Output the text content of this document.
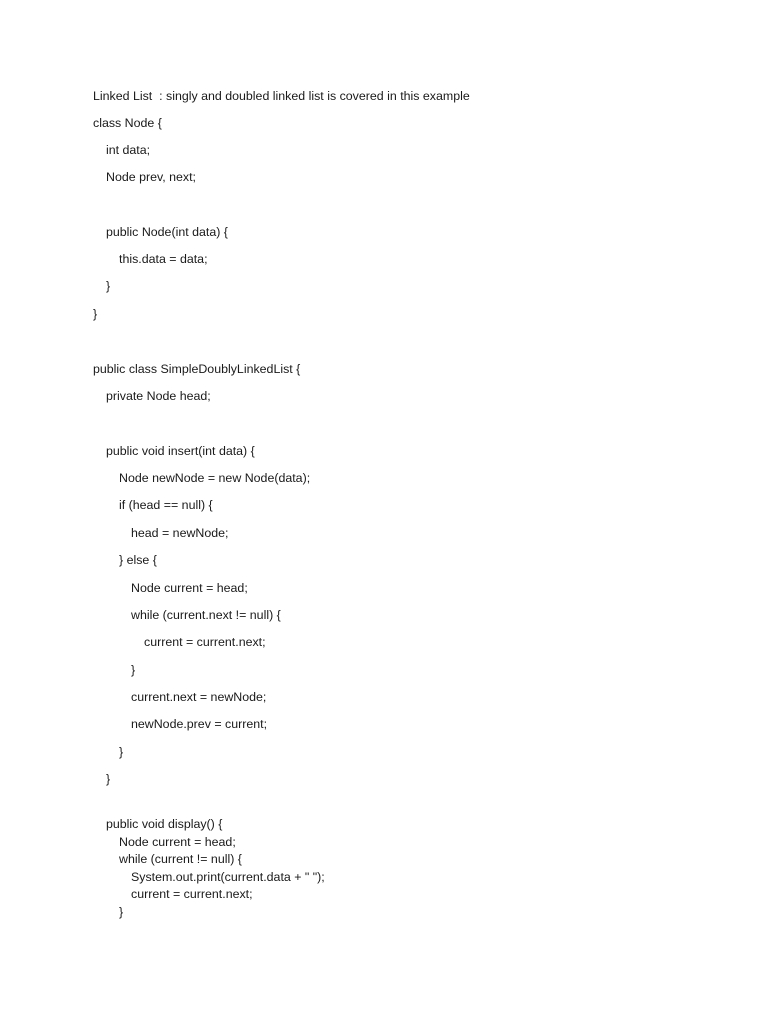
Linked List  : singly and doubled linked list is covered in this example
class Node {
int data;
Node prev, next;
public Node(int data) {
this.data = data;
}
}
public class SimpleDoublyLinkedList {
private Node head;
public void insert(int data) {
Node newNode = new Node(data);
if (head == null) {
head = newNode;
} else {
Node current = head;
while (current.next != null) {
current = current.next;
}
current.next = newNode;
newNode.prev = current;
}
}
public void display() {
Node current = head;
while (current != null) {
System.out.print(current.data + " ");
current = current.next;
}
